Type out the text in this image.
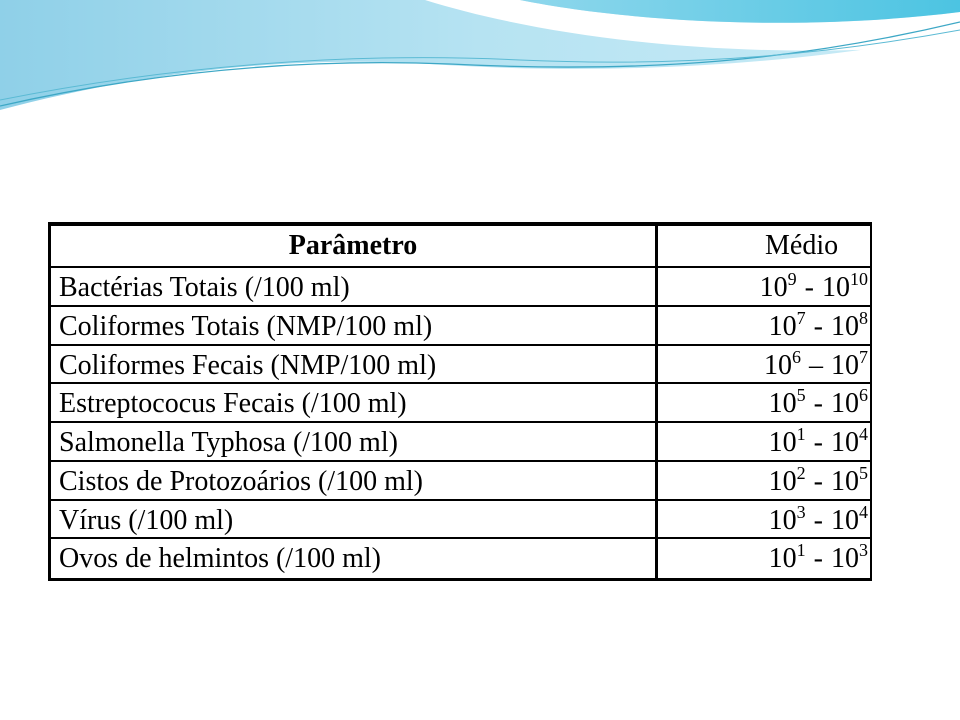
Parâmetro	Médio
Bactérias Totais (/100 ml)	$10^9 - 10^{10}$
Coliformes Totais (NMP/100 ml)	$10^7 - 10^8$
Coliformes Fecais (NMP/100 ml)	$10^6 - 10^7$
Estreptococus Fecais (/100 ml)	$10^5 - 10^6$
Salmonella Typhosa (/100 ml)	$10^1 - 10^4$
Cistos de Protozoários (/100 ml)	$10^2 - 10^5$
Vírus (/100 ml)	$10^3 - 10^4$
Ovos de helmintos (/100 ml)	$10^1 - 10^3$
